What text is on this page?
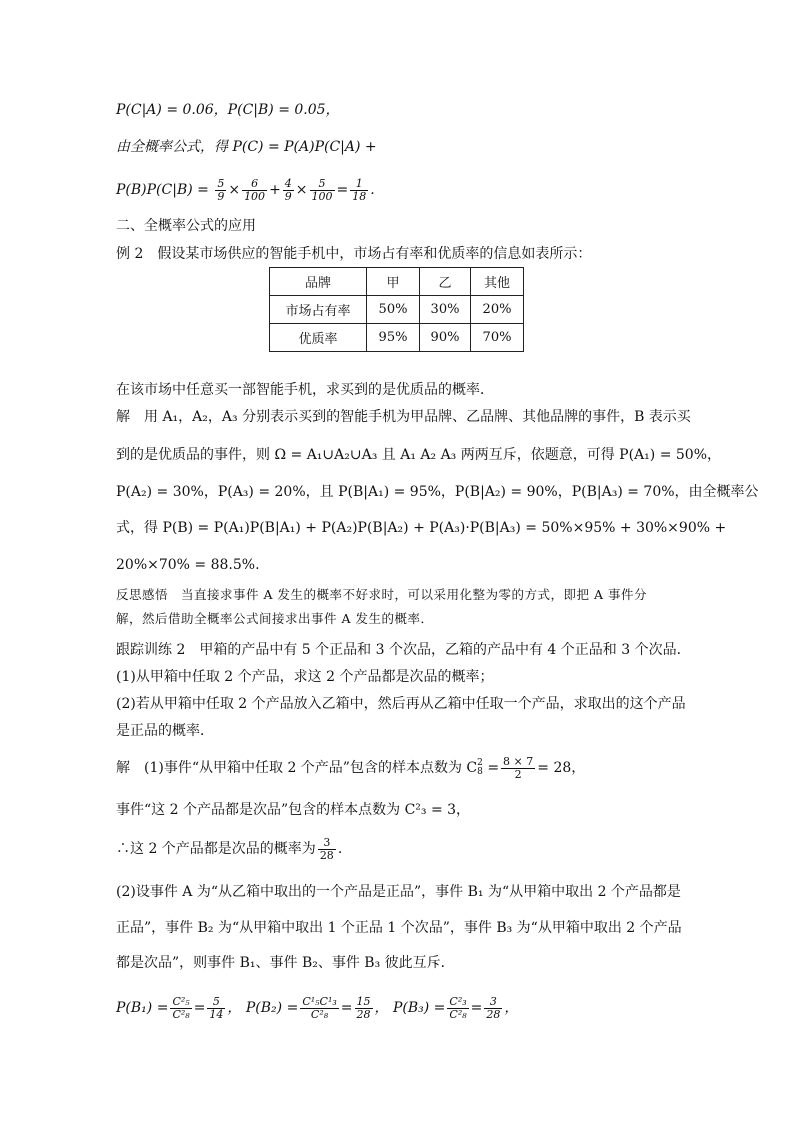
P(C|A) = 0.06，P(C|B) = 0.05，
由全概率公式，得 P(C) = P(A)P(C|A) +
$P(B)P(C|B) = \frac{5}{9} \times \frac{6}{100} + \frac{4}{9} \times \frac{5}{100} = \frac{1}{18}$ .
二、全概率公式的应用
例 2　假设某市场供应的智能手机中，市场占有率和优质率的信息如表所示：
品牌	甲	乙	其他
市场占有率	50%	30%	20%
优质率	95%	90%	70%
在该市场中任意买一部智能手机，求买到的是优质品的概率．
解　用 A₁，A₂，A₃ 分别表示买到的智能手机为甲品牌、乙品牌、其他品牌的事件，B 表示买
到的是优质品的事件，则 Ω = A₁∪A₂∪A₃ 且 A₁ A₂ A₃ 两两互斥，依题意，可得 P(A₁) = 50%，
P(A₂) = 30%，P(A₃) = 20%，且 P(B|A₁) = 95%，P(B|A₂) = 90%，P(B|A₃) = 70%，由全概率公
式，得 P(B) = P(A₁)P(B|A₁) + P(A₂)P(B|A₂) + P(A₃)·P(B|A₃) = 50%×95% + 30%×90% +
20%×70% = 88.5%.
反思感悟　当直接求事件 A 发生的概率不好求时，可以采用化整为零的方式，即把 A 事件分
解，然后借助全概率公式间接求出事件 A 发生的概率．
跟踪训练 2　甲箱的产品中有 5 个正品和 3 个次品，乙箱的产品中有 4 个正品和 3 个次品．
(1)从甲箱中任取 2 个产品，求这 2 个产品都是次品的概率；
(2)若从甲箱中任取 2 个产品放入乙箱中，然后再从乙箱中任取一个产品，求取出的这个产品
是正品的概率．
解　(1)事件“从甲箱中任取 2 个产品”包含的样本点数为 C 2
$8 = \frac{8 \times 7}{2} = 28$，
事件“这 2 个产品都是次品”包含的样本点数为 C²₃ = 3，
∴这 2 个产品都是次品的概率为 $\frac{3}{28}$ .
(2)设事件 A 为“从乙箱中取出的一个产品是正品”，事件 B₁ 为“从甲箱中取出 2 个产品都是
正品”，事件 B₂ 为“从甲箱中取出 1 个正品 1 个次品”，事件 B₃ 为“从甲箱中取出 2 个产品
都是次品”，则事件 B₁、事件 B₂、事件 B₃ 彼此互斥．
$P(B_1) = \frac{\text{C²₅}}{\text{C²₈}} = \frac{5}{14}$ ， $P(B_2) = \frac{\text{C¹₅C¹₃}}{\text{C²₈}} = \frac{15}{28}$ ， $P(B_3) = \frac{\text{C²₃}}{\text{C²₈}} = \frac{3}{28}$ ，
